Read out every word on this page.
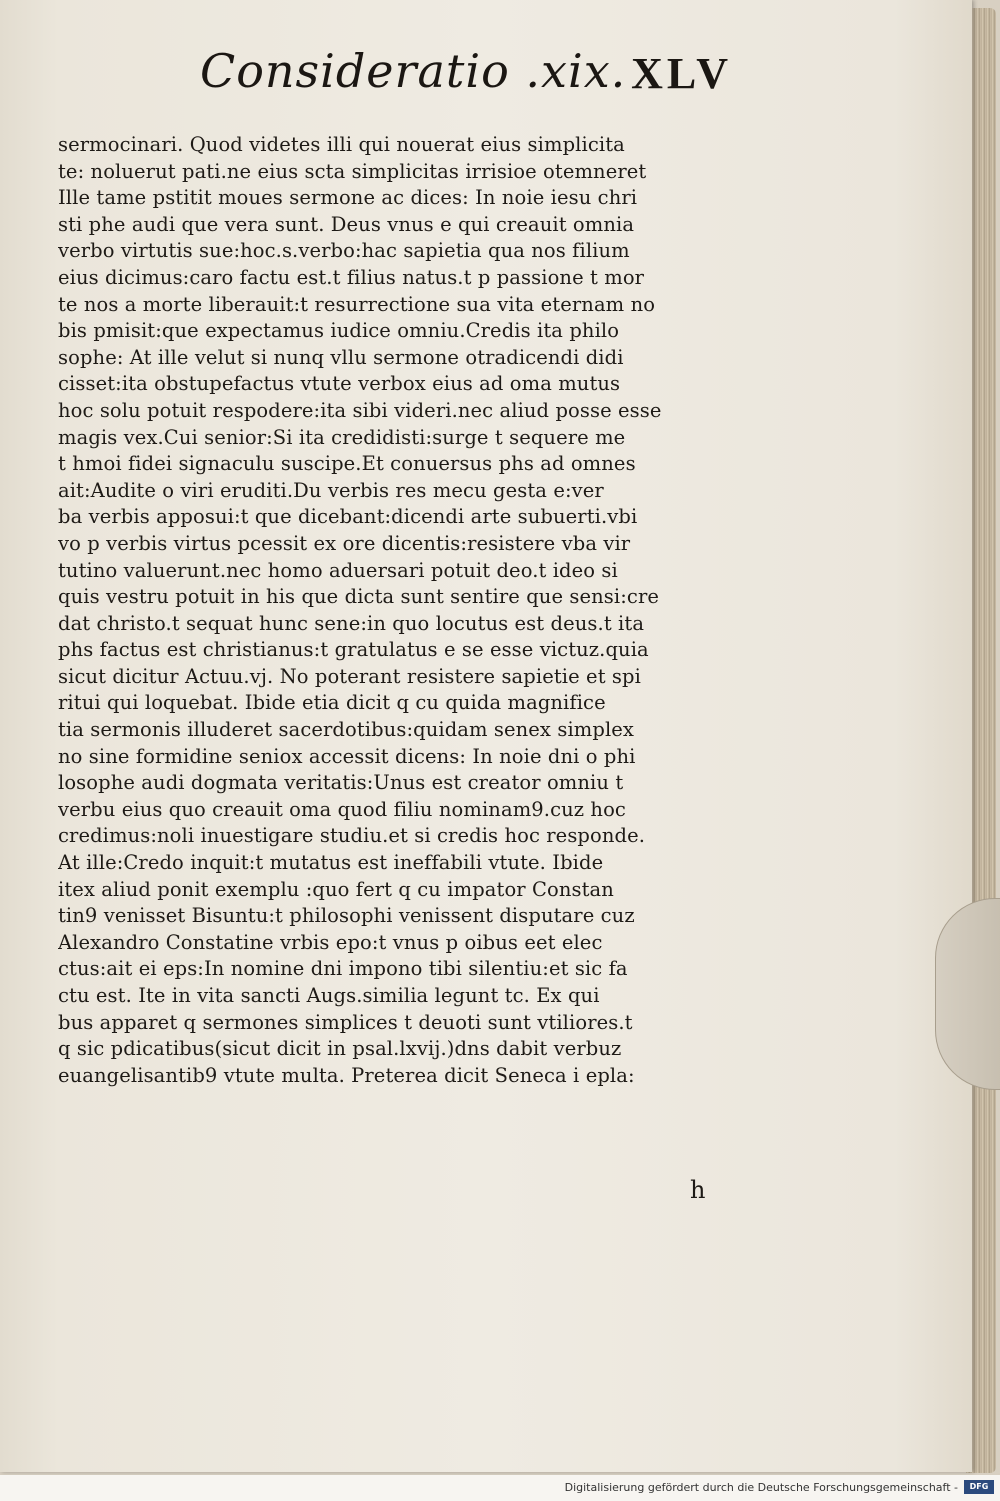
Consideratio .xix. XLV
sermocinari. Quod videtes illi qui nouerat eius simplicita
te: noluerut pati.ne eius scta simplicitas irrisioe otemneret
Ille tame pstitit moues sermone ac dices: In noie iesu chri
sti phe audi que vera sunt. Deus vnus e qui creauit omnia
verbo virtutis sue:hoc.s.verbo:hac sapietia qua nos filium
eius dicimus:caro factu est.t filius natus.t p passione t mor
te nos a morte liberauit:t resurrectione sua vita eternam no
bis pmisit:que expectamus iudice omniu.Credis ita philo
sophe: At ille velut si nunq vllu sermone otradicendi didi
cisset:ita obstupefactus vtute verbox eius ad oma mutus
hoc solu potuit respodere:ita sibi videri.nec aliud posse esse
magis vex.Cui senior:Si ita credidisti:surge t sequere me
t hmoi fidei signaculu suscipe.Et conuersus phs ad omnes
ait:Audite o viri eruditi.Du verbis res mecu gesta e:ver
ba verbis apposui:t que dicebant:dicendi arte subuerti.vbi
vo p verbis virtus pcessit ex ore dicentis:resistere vba vir
tutino valuerunt.nec homo aduersari potuit deo.t ideo si
quis vestru potuit in his que dicta sunt sentire que sensi:cre
dat christo.t sequat hunc sene:in quo locutus est deus.t ita
phs factus est christianus:t gratulatus e se esse victuz.quia
sicut dicitur Actuu.vj. No poterant resistere sapietie et spi
ritui qui loquebat. Ibide etia dicit q cu quida magnifice
tia sermonis illuderet sacerdotibus:quidam senex simplex
no sine formidine seniox accessit dicens: In noie dni o phi
losophe audi dogmata veritatis:Unus est creator omniu t
verbu eius quo creauit oma quod filiu nominam9.cuz hoc
credimus:noli inuestigare studiu.et si credis hoc responde.
At ille:Credo inquit:t mutatus est ineffabili vtute. Ibide
itex aliud ponit exemplu :quo fert q cu impator Constan
tin9 venisset Bisuntu:t philosophi venissent disputare cuz
Alexandro Constatine vrbis epo:t vnus p oibus eet elec
ctus:ait ei eps:In nomine dni impono tibi silentiu:et sic fa
ctu est. Ite in vita sancti Augs.similia legunt tc. Ex qui
bus apparet q sermones simplices t deuoti sunt vtiliores.t
q sic pdicatibus(sicut dicit in psal.lxvij.)dns dabit verbuz
euangelisantib9 vtute multa. Preterea dicit Seneca i epla:
h
Digitalisierung gefördert durch die Deutsche Forschungsgemeinschaft -	DFG
